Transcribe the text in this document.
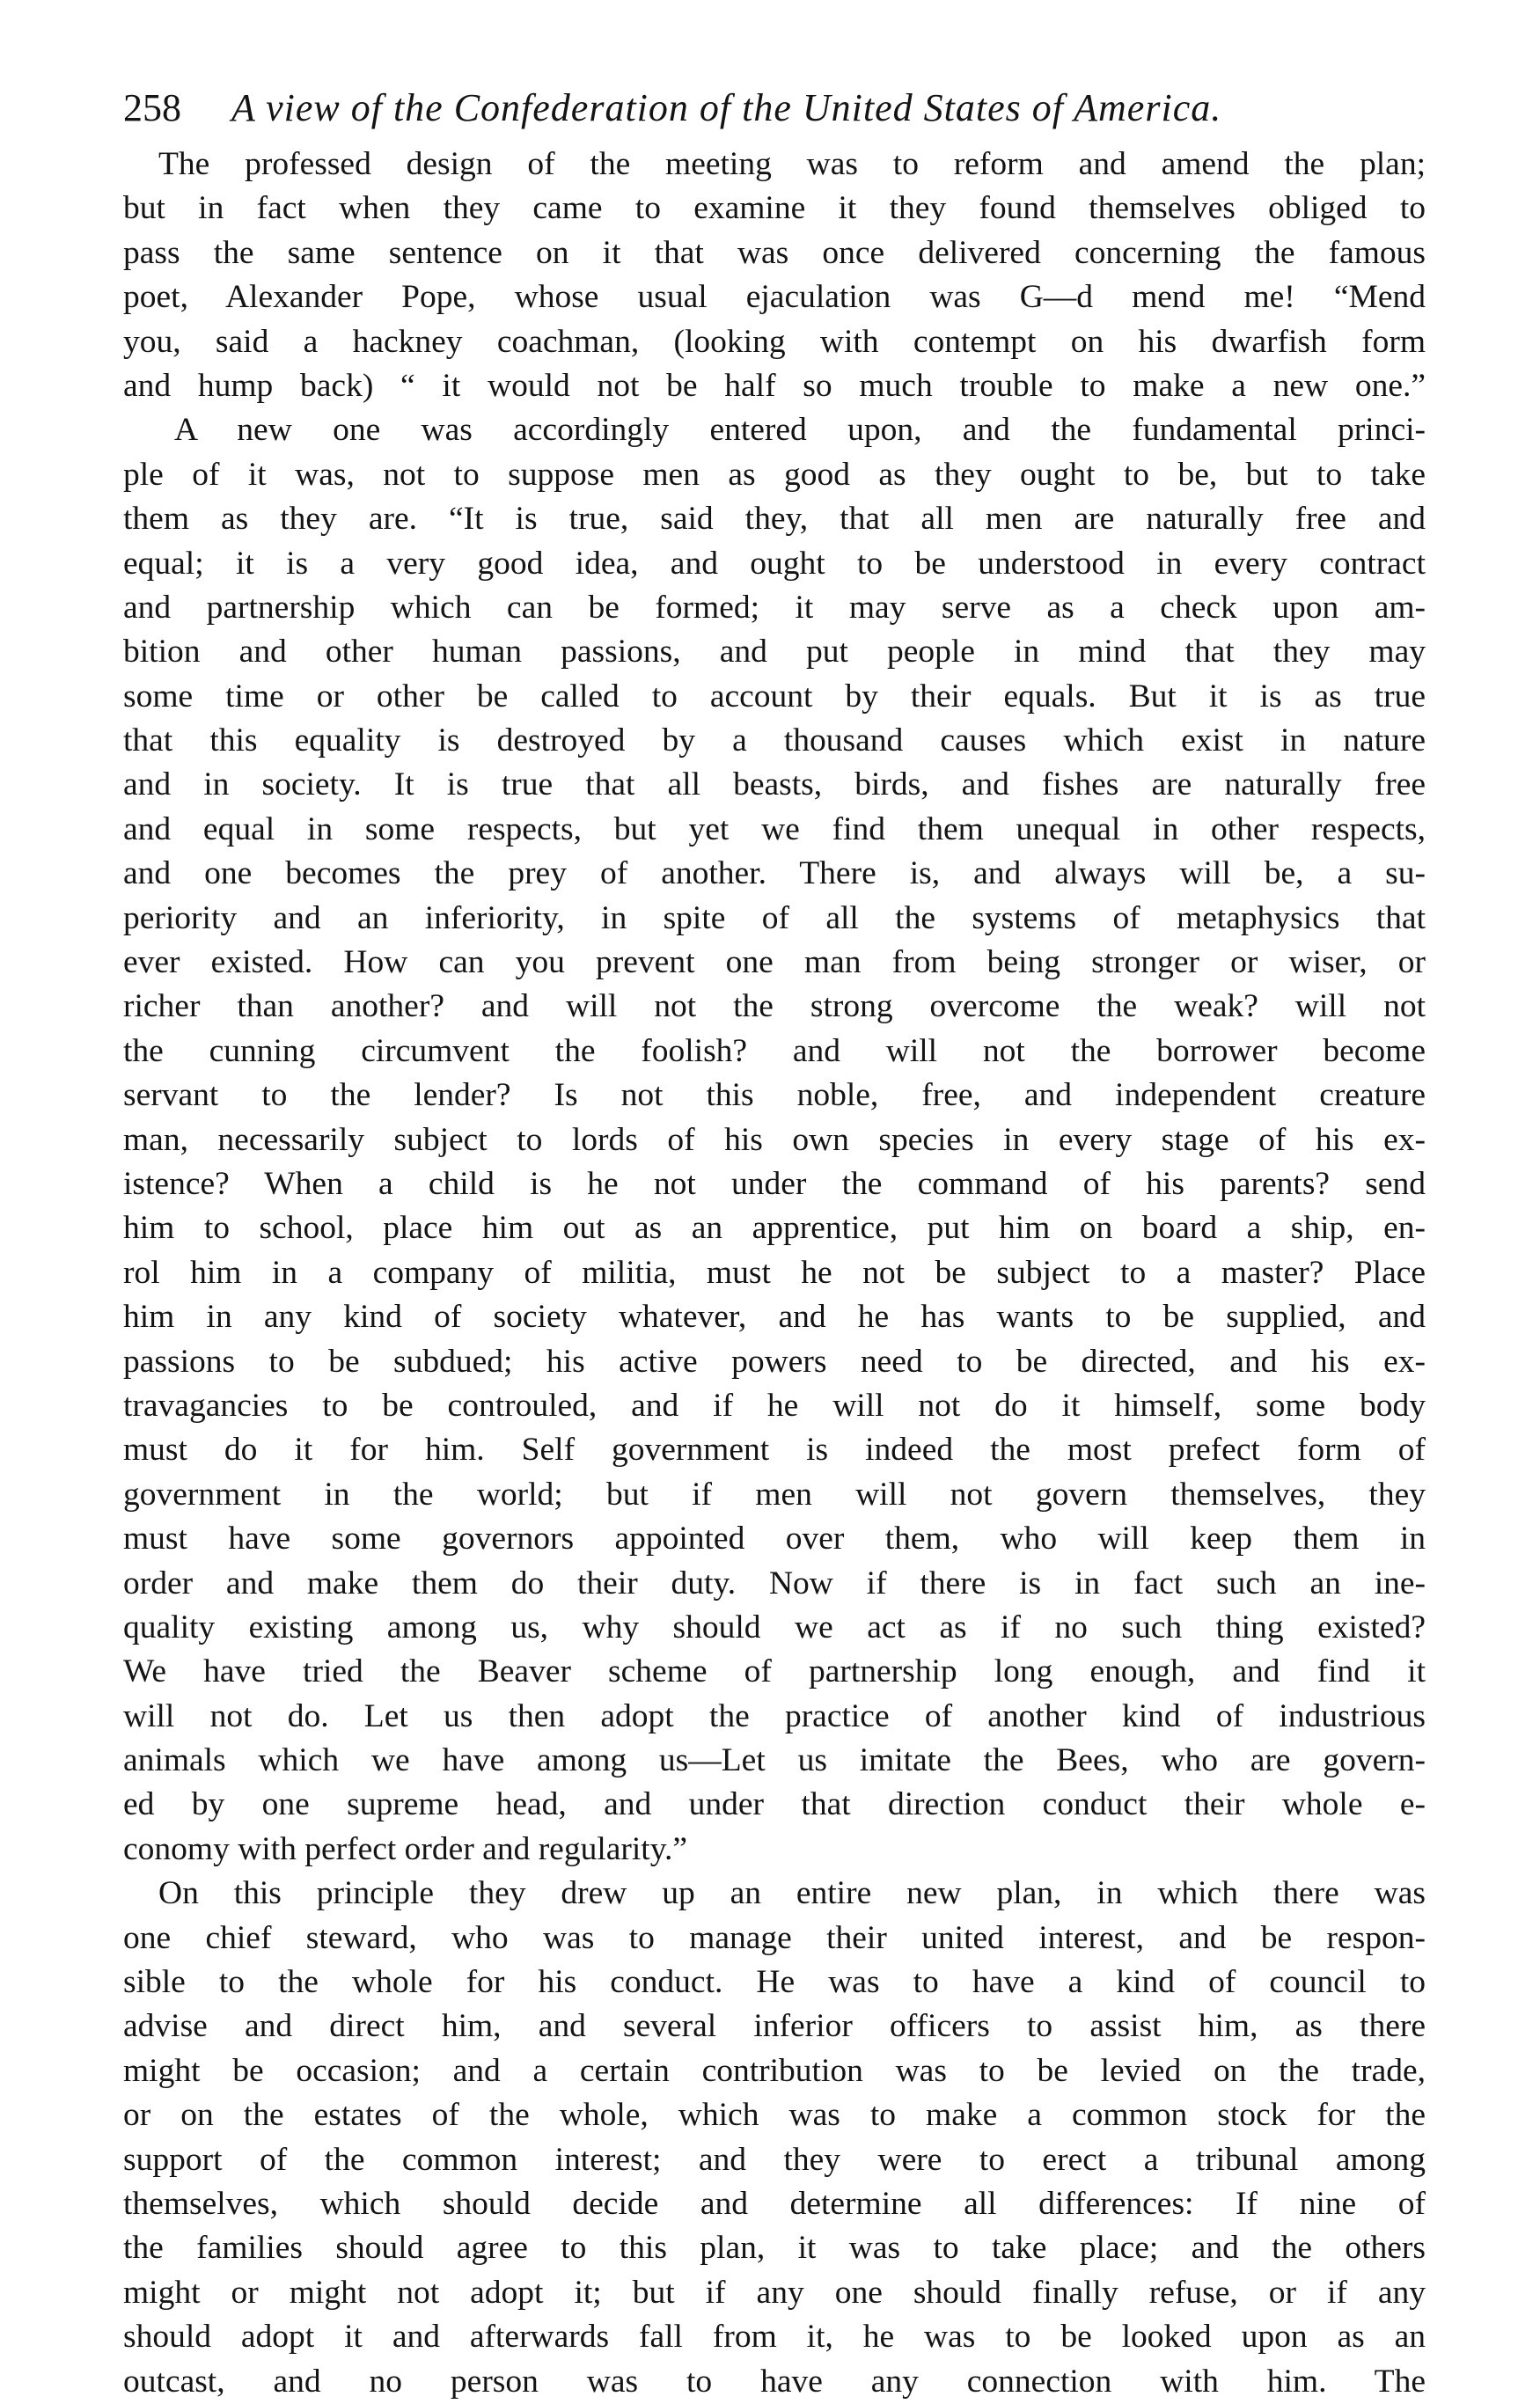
258 A view of the Confederation of the United States of America.
The professed design of the meeting was to reform and amend the plan;
but in fact when they came to examine it they found themselves obliged to
pass the same sentence on it that was once delivered concerning the famous
poet, Alexander Pope, whose usual ejaculation was G—d mend me! “Mend
you, said a hackney coachman, (looking with contempt on his dwarfish form
and hump back) “ it would not be half so much trouble to make a new one.”
A new one was accordingly entered upon, and the fundamental princi-
ple of it was, not to suppose men as good as they ought to be, but to take
them as they are. “It is true, said they, that all men are naturally free and
equal; it is a very good idea, and ought to be understood in every contract
and partnership which can be formed; it may serve as a check upon am-
bition and other human passions, and put people in mind that they may
some time or other be called to account by their equals. But it is as true
that this equality is destroyed by a thousand causes which exist in nature
and in society. It is true that all beasts, birds, and fishes are naturally free
and equal in some respects, but yet we find them unequal in other respects,
and one becomes the prey of another. There is, and always will be, a su-
periority and an inferiority, in spite of all the systems of metaphysics that
ever existed. How can you prevent one man from being stronger or wiser, or
richer than another? and will not the strong overcome the weak? will not
the cunning circumvent the foolish? and will not the borrower become
servant to the lender? Is not this noble, free, and independent creature
man, necessarily subject to lords of his own species in every stage of his ex-
istence? When a child is he not under the command of his parents? send
him to school, place him out as an apprentice, put him on board a ship, en-
rol him in a company of militia, must he not be subject to a master? Place
him in any kind of society whatever, and he has wants to be supplied, and
passions to be subdued; his active powers need to be directed, and his ex-
travagancies to be controuled, and if he will not do it himself, some body
must do it for him. Self government is indeed the most prefect form of
government in the world; but if men will not govern themselves, they
must have some governors appointed over them, who will keep them in
order and make them do their duty. Now if there is in fact such an ine-
quality existing among us, why should we act as if no such thing existed?
We have tried the Beaver scheme of partnership long enough, and find it
will not do. Let us then adopt the practice of another kind of industrious
animals which we have among us—Let us imitate the Bees, who are govern-
ed by one supreme head, and under that direction conduct their whole e-
conomy with perfect order and regularity.”
On this principle they drew up an entire new plan, in which there was
one chief steward, who was to manage their united interest, and be respon-
sible to the whole for his conduct. He was to have a kind of council to
advise and direct him, and several inferior officers to assist him, as there
might be occasion; and a certain contribution was to be levied on the trade,
or on the estates of the whole, which was to make a common stock for the
support of the common interest; and they were to erect a tribunal among
themselves, which should decide and determine all differences: If nine of
the families should agree to this plan, it was to take place; and the others
might or might not adopt it; but if any one should finally refuse, or if any
should adopt it and afterwards fall from it, he was to be looked upon as an
outcast, and no person was to have any connection with him. The
